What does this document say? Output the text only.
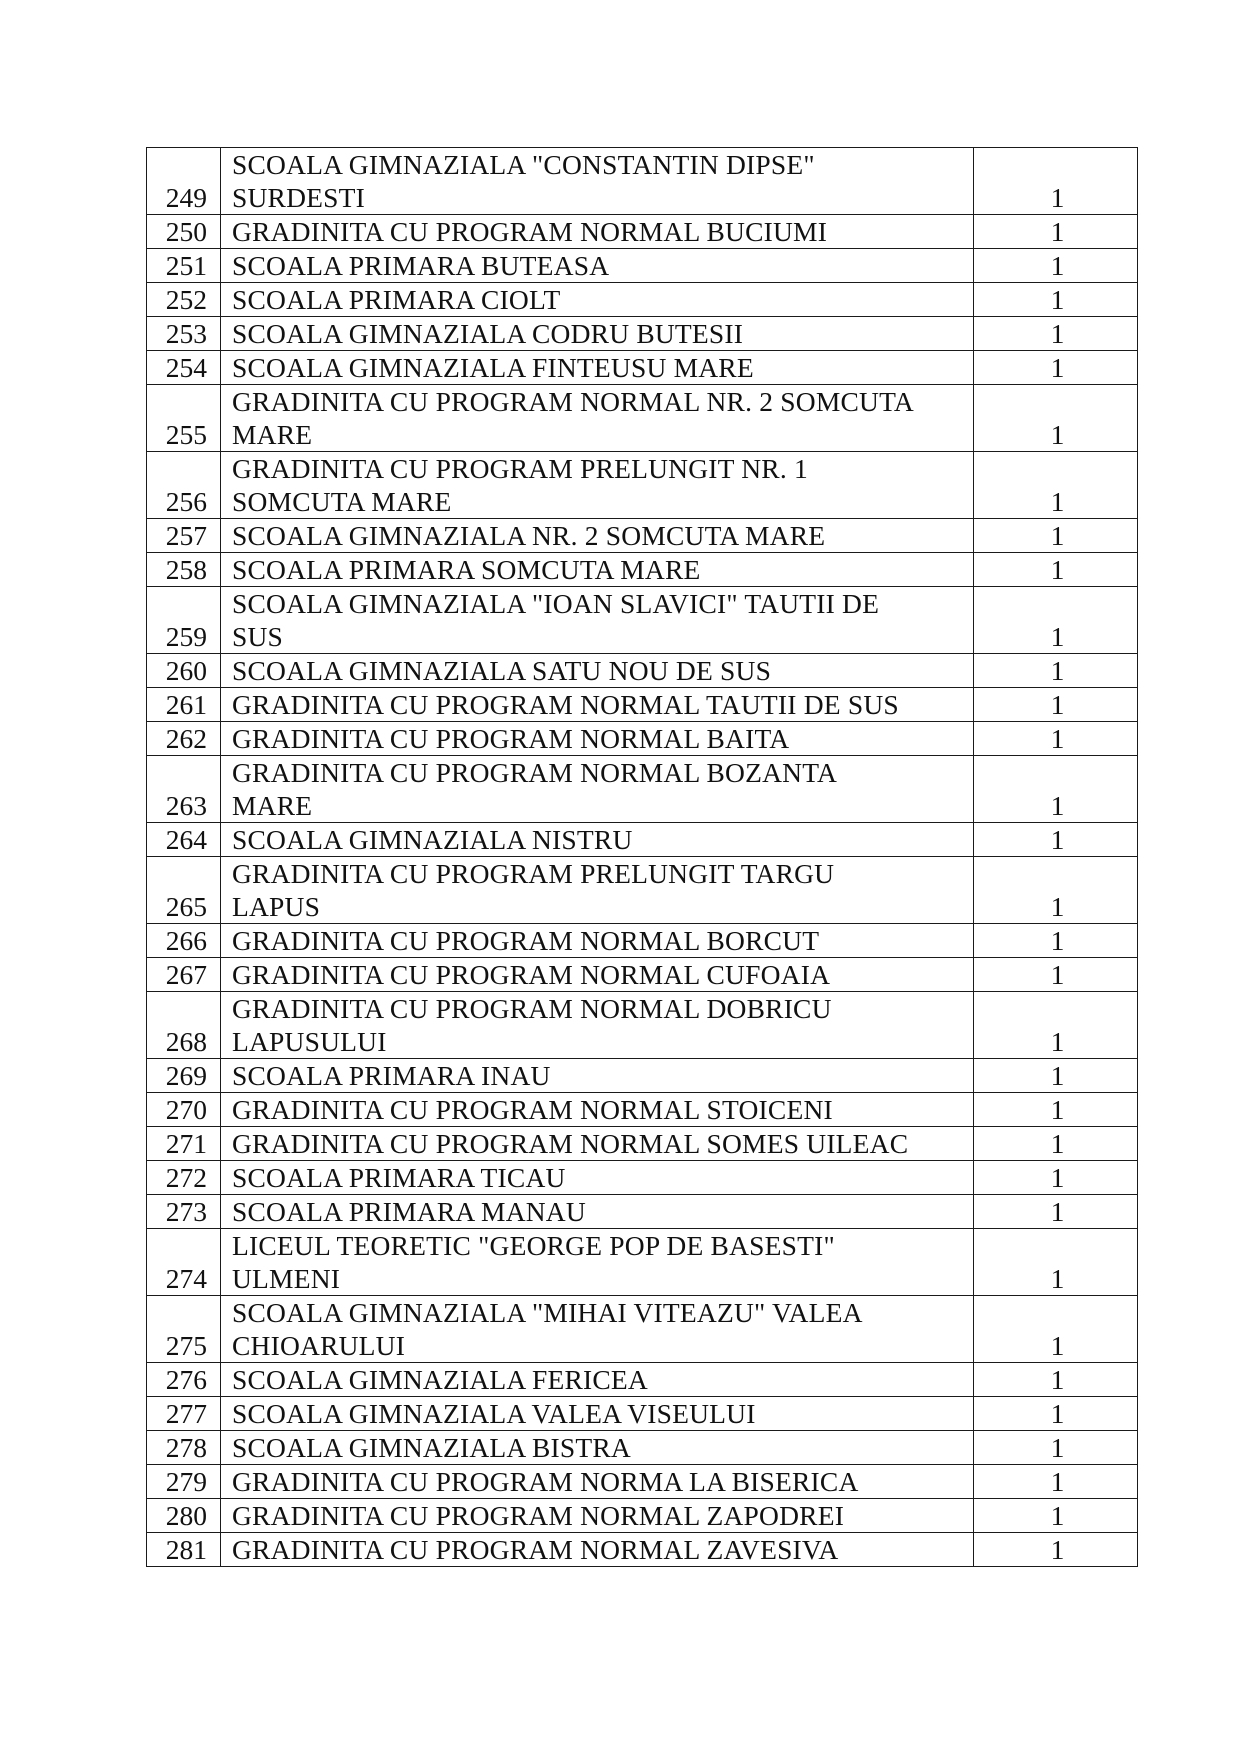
249	SCOALA GIMNAZIALA "CONSTANTIN DIPSE"
SURDESTI	1
250	GRADINITA CU PROGRAM NORMAL BUCIUMI	1
251	SCOALA PRIMARA BUTEASA	1
252	SCOALA PRIMARA CIOLT	1
253	SCOALA GIMNAZIALA CODRU BUTESII	1
254	SCOALA GIMNAZIALA FINTEUSU MARE	1
255	GRADINITA CU PROGRAM NORMAL NR. 2 SOMCUTA
MARE	1
256	GRADINITA CU PROGRAM PRELUNGIT NR. 1
SOMCUTA MARE	1
257	SCOALA GIMNAZIALA NR. 2 SOMCUTA MARE	1
258	SCOALA PRIMARA SOMCUTA MARE	1
259	SCOALA GIMNAZIALA "IOAN SLAVICI" TAUTII DE
SUS	1
260	SCOALA GIMNAZIALA SATU NOU DE SUS	1
261	GRADINITA CU PROGRAM NORMAL TAUTII DE SUS	1
262	GRADINITA CU PROGRAM NORMAL BAITA	1
263	GRADINITA CU PROGRAM NORMAL BOZANTA
MARE	1
264	SCOALA GIMNAZIALA NISTRU	1
265	GRADINITA CU PROGRAM PRELUNGIT TARGU
LAPUS	1
266	GRADINITA CU PROGRAM NORMAL BORCUT	1
267	GRADINITA CU PROGRAM NORMAL CUFOAIA	1
268	GRADINITA CU PROGRAM NORMAL DOBRICU
LAPUSULUI	1
269	SCOALA PRIMARA INAU	1
270	GRADINITA CU PROGRAM NORMAL STOICENI	1
271	GRADINITA CU PROGRAM NORMAL SOMES UILEAC	1
272	SCOALA PRIMARA TICAU	1
273	SCOALA PRIMARA MANAU	1
274	LICEUL TEORETIC "GEORGE POP DE BASESTI"
ULMENI	1
275	SCOALA GIMNAZIALA "MIHAI VITEAZU" VALEA
CHIOARULUI	1
276	SCOALA GIMNAZIALA FERICEA	1
277	SCOALA GIMNAZIALA VALEA VISEULUI	1
278	SCOALA GIMNAZIALA BISTRA	1
279	GRADINITA CU PROGRAM NORMA LA BISERICA	1
280	GRADINITA CU PROGRAM NORMAL ZAPODREI	1
281	GRADINITA CU PROGRAM NORMAL ZAVESIVA	1
